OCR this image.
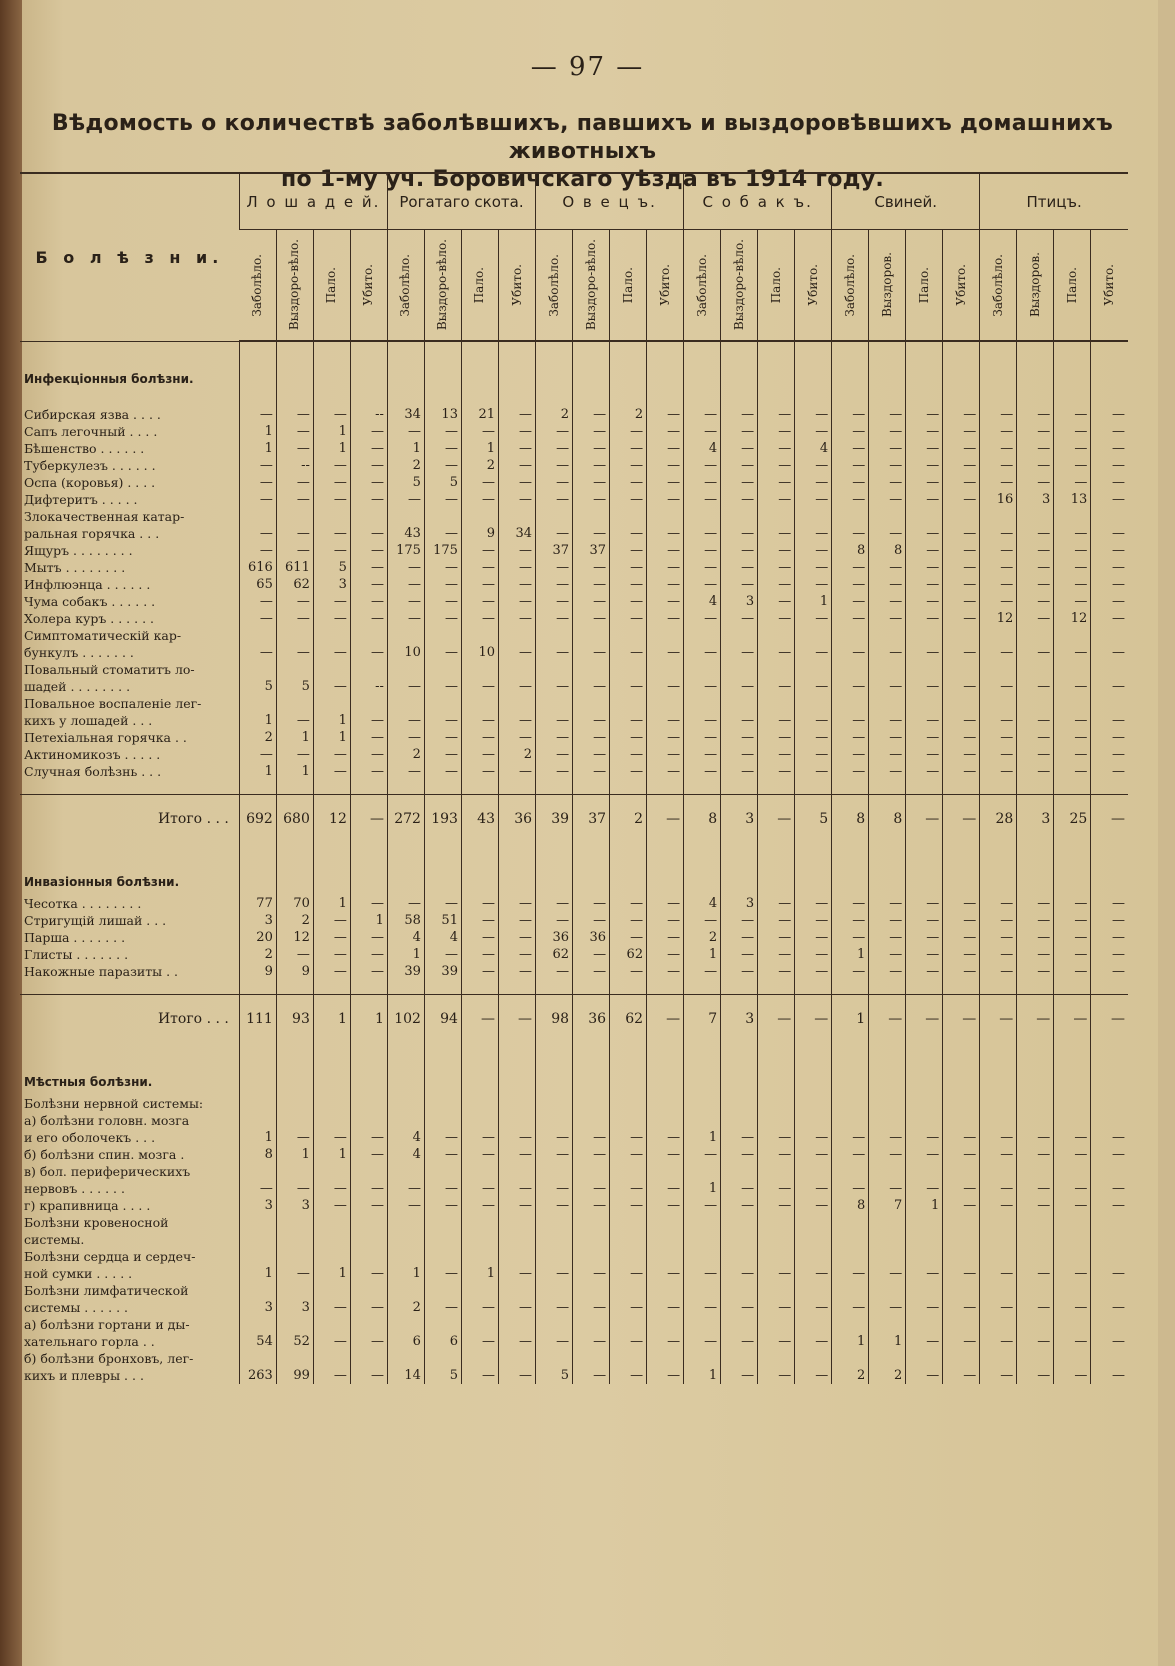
— 97 —
Вѣдомость о количествѣ заболѣвшихъ, павшихъ и выздоровѣвшихъ домашнихъ животныхъ
по 1-му уч. Боровичскаго уѣзда въ 1914 году.
Б о л ѣ з н и.	Л о ш а д е й.				Рогатаго скота.				О в е ц ъ.				С о б а к ъ.				Свиней.				Птицъ.			

	Заболѣло.	Выздоро-вѣло.	Пало.	Убито.	Заболѣло.	Выздоро-вѣло.	Пало.	Убито.	Заболѣло.	Выздоро-вѣло.	Пало.	Убито.	Заболѣло.	Выздоро-вѣло.	Пало.	Убито.	Заболѣло.	Выздоров.	Пало.	Убито.	Заболѣло.	Выздоров.	Пало.	Убито.

Инфекціонныя болѣзни.																								

Сибирская язва . . . .	—	—	—	--	34	13	21	—	2	—	2	—	—	—	—	—	—	—	—	—	—	—	—	—
Сапъ легочный . . . .	1	—	1	—	—	—	—	—	—	—	—	—	—	—	—	—	—	—	—	—	—	—	—	—
Бѣшенство . . . . . .	1	—	1	—	1	—	1	—	—	—	—	—	4	—	—	4	—	—	—	—	—	—	—	—
Туберкулезъ . . . . . .	—	--	—	—	2	—	2	—	—	—	—	—	—	—	—	—	—	—	—	—	—	—	—	—
Оспа (коровья) . . . .	—	—	—	—	5	5	—	—	—	—	—	—	—	—	—	—	—	—	—	—	—	—	—	—
Дифтеритъ . . . . .	—	—	—	—	—	—	—	—	—	—	—	—	—	—	—	—	—	—	—	—	16	3	13	—
Злокачественная катар-																								
ральная горячка . . .	—	—	—	—	43	—	9	34	—	—	—	—	—	—	—	—	—	—	—	—	—	—	—	—
Ящуръ . . . . . . . .	—	—	—	—	175	175	—	—	37	37	—	—	—	—	—	—	8	8	—	—	—	—	—	—
Мытъ . . . . . . . .	616	611	5	—	—	—	—	—	—	—	—	—	—	—	—	—	—	—	—	—	—	—	—	—
Инфлюэнца . . . . . .	65	62	3	—	—	—	—	—	—	—	—	—	—	—	—	—	—	—	—	—	—	—	—	—
Чума собакъ . . . . . .	—	—	—	—	—	—	—	—	—	—	—	—	4	3	—	1	—	—	—	—	—	—	—	—
Холера куръ . . . . . .	—	—	—	—	—	—	—	—	—	—	—	—	—	—	—	—	—	—	—	—	12	—	12	—
Симптоматическій кар-																								
бункулъ . . . . . . .	—	—	—	—	10	—	10	—	—	—	—	—	—	—	—	—	—	—	—	—	—	—	—	—
Повальный стоматитъ ло-																								
шадей . . . . . . . .	5	5	—	--	—	—	—	—	—	—	—	—	—	—	—	—	—	—	—	—	—	—	—	—
Повальное воспаленіе лег-																								
кихъ у лошадей . . .	1	—	1	—	—	—	—	—	—	—	—	—	—	—	—	—	—	—	—	—	—	—	—	—
Петехіальная горячка . .	2	1	1	—	—	—	—	—	—	—	—	—	—	—	—	—	—	—	—	—	—	—	—	—
Актиномикозъ . . . . .	—	—	—	—	2	—	—	2	—	—	—	—	—	—	—	—	—	—	—	—	—	—	—	—
Случная болѣзнь . . .	1	1	—	—	—	—	—	—	—	—	—	—	—	—	—	—	—	—	—	—	—	—	—	—

Итого . . .	692	680	12	—	272	193	43	36	39	37	2	—	8	3	—	5	8	8	—	—	28	3	25	—
Инвазіонныя болѣзни.																								
Чесотка . . . . . . . .	77	70	1	—	—	—	—	—	—	—	—	—	4	3	—	—	—	—	—	—	—	—	—	—
Стригущій лишай . . .	3	2	—	1	58	51	—	—	—	—	—	—	—	—	—	—	—	—	—	—	—	—	—	—
Парша . . . . . . .	20	12	—	—	4	4	—	—	36	36	—	—	2	—	—	—	—	—	—	—	—	—	—	—
Глисты . . . . . . .	2	—	—	—	1	—	—	—	62	—	62	—	1	—	—	—	1	—	—	—	—	—	—	—
Накожные паразиты . .	9	9	—	—	39	39	—	—	—	—	—	—	—	—	—	—	—	—	—	—	—	—	—	—

Итого . . .	111	93	1	1	102	94	—	—	98	36	62	—	7	3	—	—	1	—	—	—	—	—	—	—
Мѣстныя болѣзни.																								
Болѣзни нервной системы:																								
а) болѣзни головн. мозга																								
и его оболочекъ . . .	1	—	—	—	4	—	—	—	—	—	—	—	1	—	—	—	—	—	—	—	—	—	—	—
б) болѣзни спин. мозга .	8	1	1	—	4	—	—	—	—	—	—	—	—	—	—	—	—	—	—	—	—	—	—	—
в) бол. периферическихъ																								
нервовъ . . . . . .	—	—	—	—	—	—	—	—	—	—	—	—	1	—	—	—	—	—	—	—	—	—	—	—
г) крапивница . . . .	3	3	—	—	—	—	—	—	—	—	—	—	—	—	—	—	8	7	1	—	—	—	—	—
Болѣзни кровеносной																								
системы.																								
Болѣзни сердца и сердеч-																								
ной сумки . . . . .	1	—	1	—	1	—	1	—	—	—	—	—	—	—	—	—	—	—	—	—	—	—	—	—
Болѣзни лимфатической																								
системы . . . . . .	3	3	—	—	2	—	—	—	—	—	—	—	—	—	—	—	—	—	—	—	—	—	—	—
а) болѣзни гортани и ды-																								
хательнаго горла . .	54	52	—	—	6	6	—	—	—	—	—	—	—	—	—	—	1	1	—	—	—	—	—	—
б) болѣзни бронховъ, лег-																								
кихъ и плевры . . .	263	99	—	—	14	5	—	—	5	—	—	—	1	—	—	—	2	2	—	—	—	—	—	—
